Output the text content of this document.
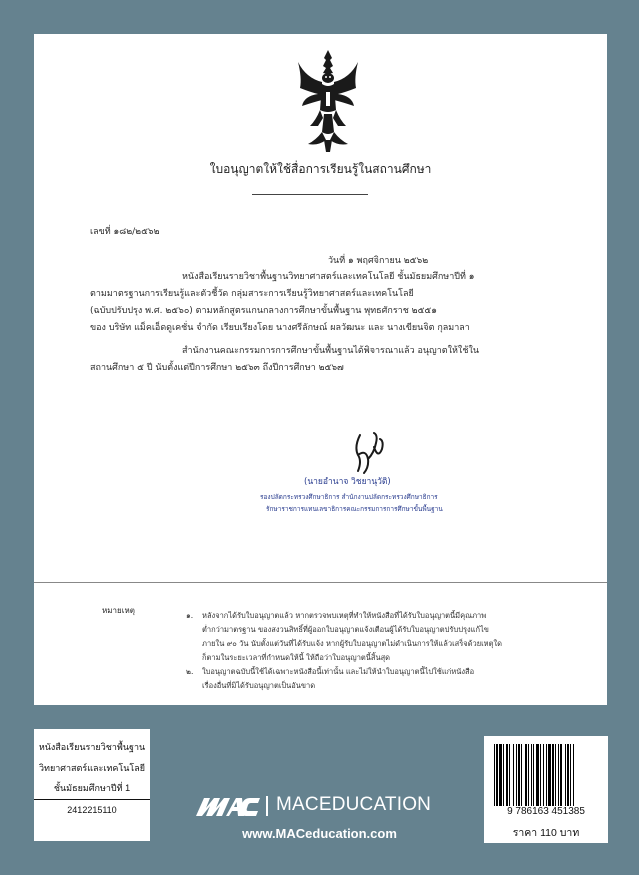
ใบอนุญาตให้ใช้สื่อการเรียนรู้ในสถานศึกษา
เลขที่ ๑๘๒/๒๕๖๒
วันที่ ๑ พฤศจิกายน ๒๕๖๒
หนังสือเรียนรายวิชาพื้นฐานวิทยาศาสตร์และเทคโนโลยี ชั้นมัธยมศึกษาปีที่ ๑
ตามมาตรฐานการเรียนรู้และตัวชี้วัด กลุ่มสาระการเรียนรู้วิทยาศาสตร์และเทคโนโลยี
(ฉบับปรับปรุง พ.ศ. ๒๕๖๐) ตามหลักสูตรแกนกลางการศึกษาขั้นพื้นฐาน พุทธศักราช ๒๕๕๑
ของ บริษัท แม็คเอ็ดดูเคชั่น จำกัด เรียบเรียงโดย นางศรีลักษณ์ ผลวัฒนะ และ นางเขียนจิต กุลมาลา
สำนักงานคณะกรรมการการศึกษาขั้นพื้นฐานได้พิจารณาแล้ว อนุญาตให้ใช้ใน
สถานศึกษา ๕ ปี นับตั้งแต่ปีการศึกษา ๒๕๖๓ ถึงปีการศึกษา ๒๕๖๗
(นายอำนาจ วิชยานุวัติ)
รองปลัดกระทรวงศึกษาธิการ สำนักงานปลัดกระทรวงศึกษาธิการ
รักษาราชการแทนเลขาธิการคณะกรรมการการศึกษาขั้นพื้นฐาน
หมายเหตุ
๑. หลังจากได้รับใบอนุญาตแล้ว หากตรวจพบเหตุที่ทำให้หนังสือที่ได้รับใบอนุญาตนี้มีคุณภาพ
ต่ำกว่ามาตรฐาน ของสงวนสิทธิ์ที่ผู้ออกใบอนุญาตแจ้งเตือนผู้ได้รับใบอนุญาตปรับปรุงแก้ไข
ภายใน ๙๐ วัน นับตั้งแต่วันที่ได้รับแจ้ง หากผู้รับใบอนุญาตไม่ดำเนินการให้แล้วเสร็จด้วยเหตุใด
ก็ตามในระยะเวลาที่กำหนดให้นี้ ให้ถือว่าใบอนุญาตนี้สิ้นสุด
๒. ใบอนุญาตฉบับนี้ใช้ได้เฉพาะหนังสือนี้เท่านั้น และไม่ให้นำใบอนุญาตนี้ไปใช้แก่หนังสือ
เรื่องอื่นที่มิได้รับอนุญาตเป็นอันขาด
หนังสือเรียนรายวิชาพื้นฐาน
วิทยาศาสตร์และเทคโนโลยี
ชั้นมัธยมศึกษาปีที่ 1
2412215110	MACEDUCATION
www.MACeducation.com
9 786163 451385
ราคา 110 บาท
